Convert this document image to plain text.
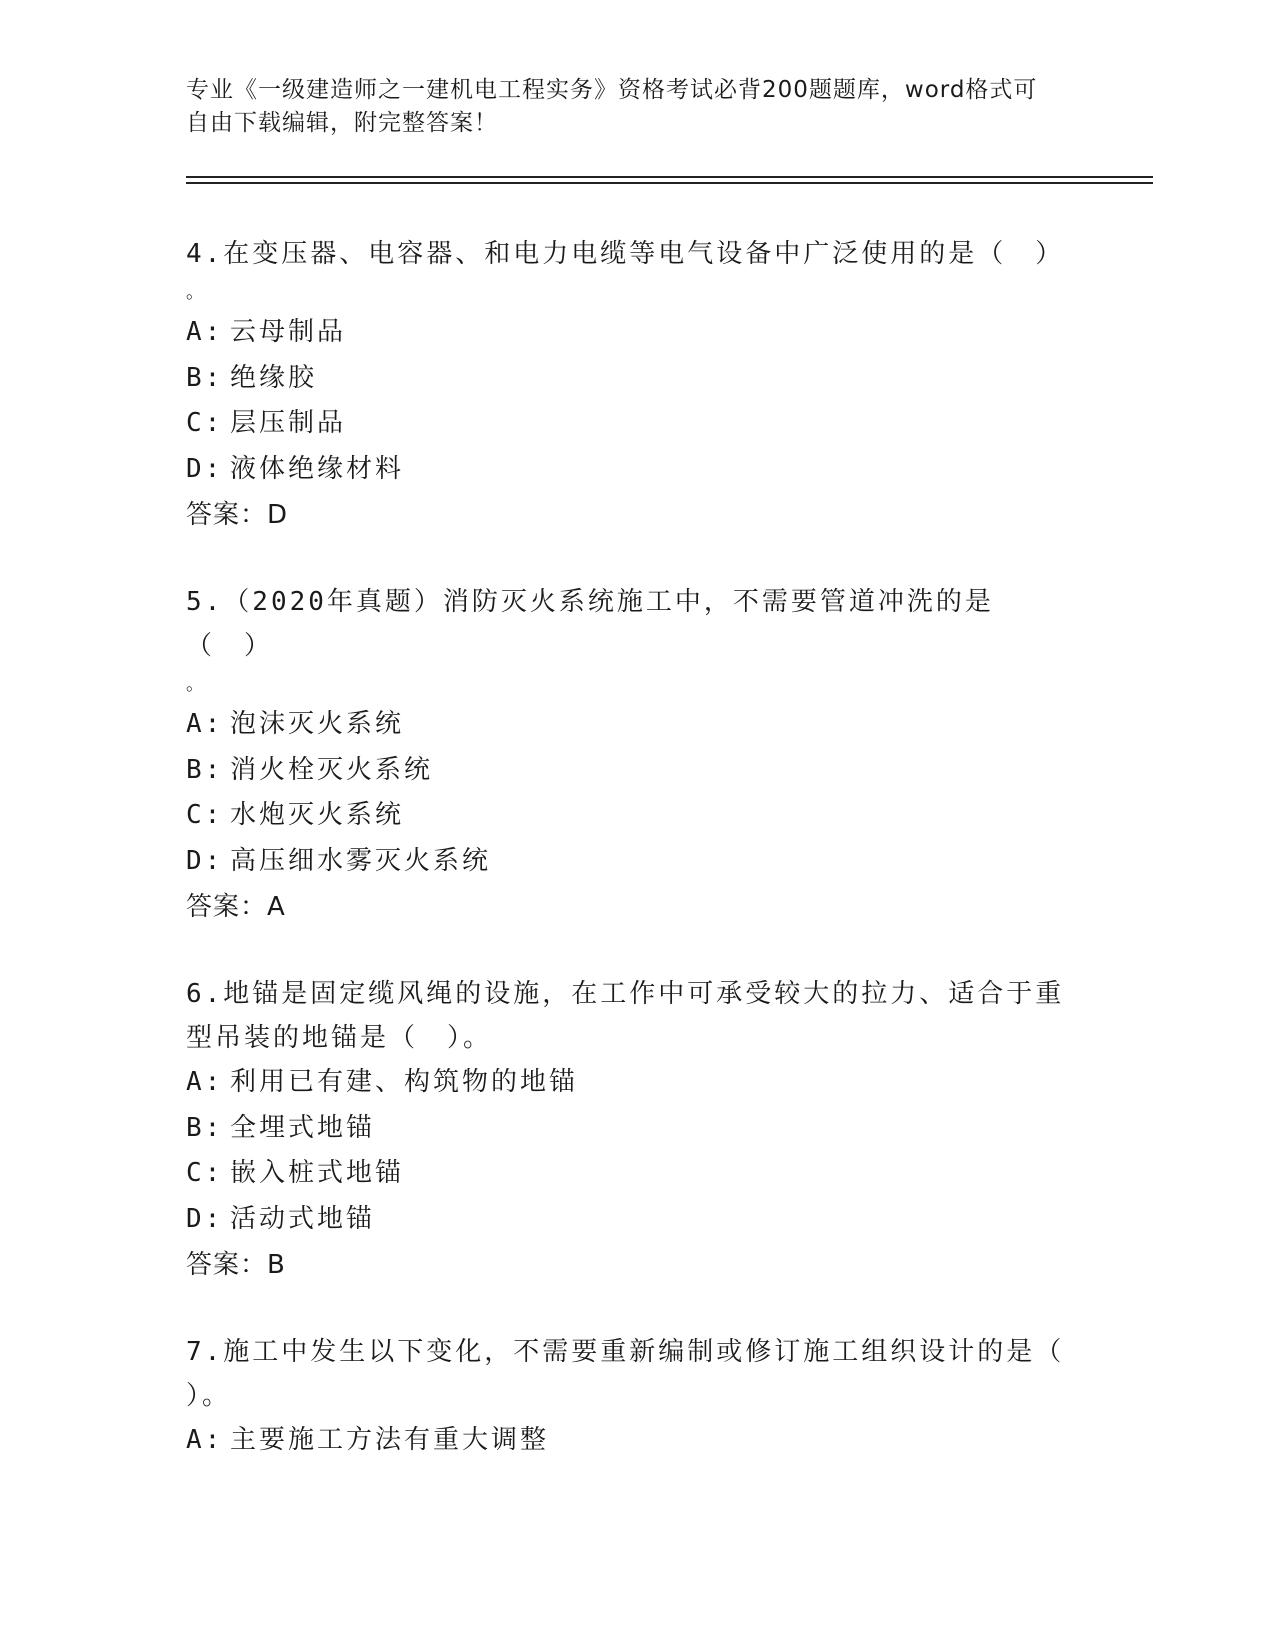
专业《一级建造师之一建机电工程实务》资格考试必背200题题库，word格式可
自由下载编辑，附完整答案！

4.在变压器、电容器、和电力电缆等电气设备中广泛使用的是（　）
。

A: 云母制品

B: 绝缘胶

C: 层压制品

D: 液体绝缘材料

答案：D

5.（2020年真题）消防灭火系统施工中，不需要管道冲洗的是（　）
。

A: 泡沫灭火系统

B: 消火栓灭火系统

C: 水炮灭火系统

D: 高压细水雾灭火系统

答案：A

6.地锚是固定缆风绳的设施，在工作中可承受较大的拉力、适合于重
型吊装的地锚是（　）。

A: 利用已有建、构筑物的地锚

B: 全埋式地锚

C: 嵌入桩式地锚

D: 活动式地锚

答案：B

7.施工中发生以下变化，不需要重新编制或修订施工组织设计的是（
）。

A: 主要施工方法有重大调整
